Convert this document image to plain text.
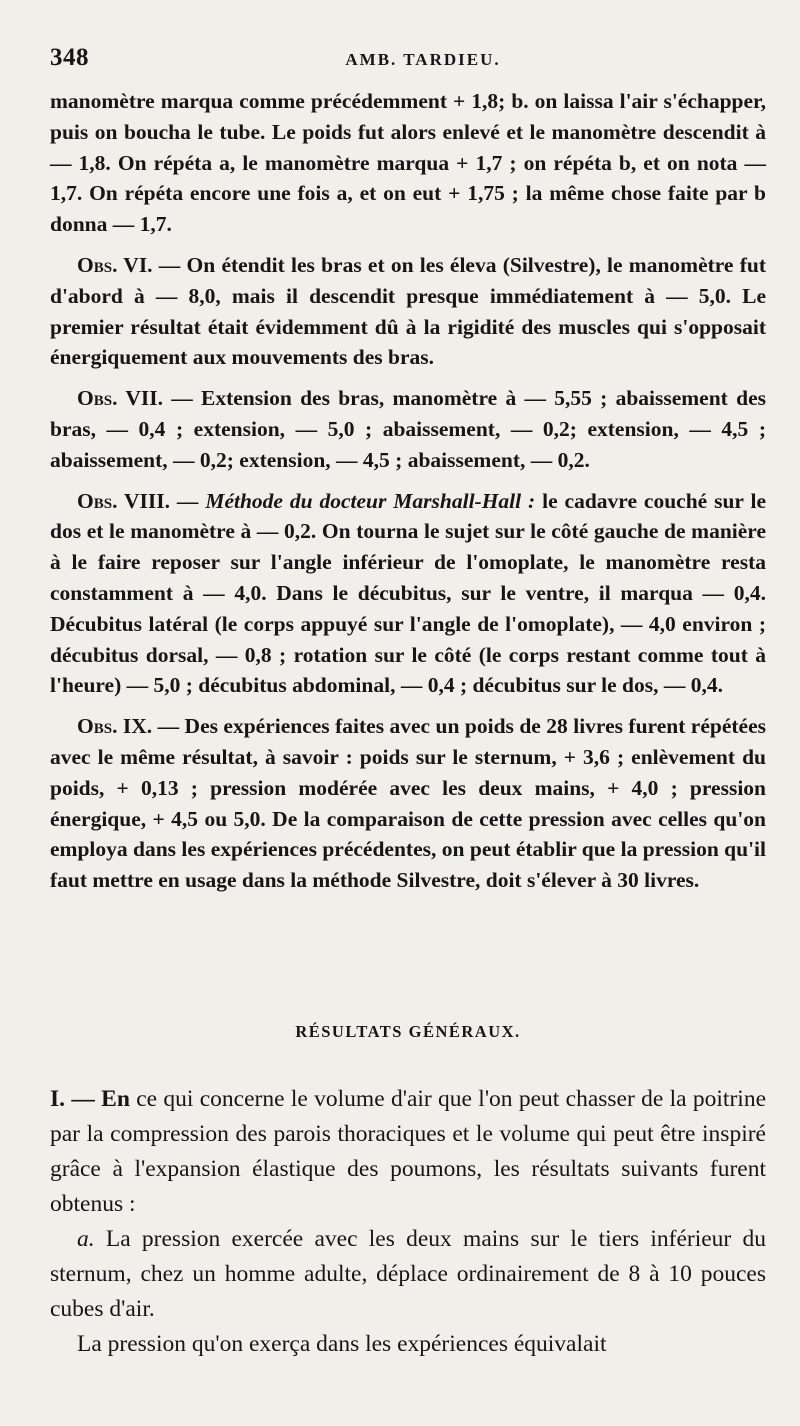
348	AMB. TARDIEU.

manomètre marqua comme précédemment + 1,8; b. on laissa l'air s'échapper, puis on boucha le tube. Le poids fut alors enlevé et le manomètre descendit à — 1,8. On répéta a, le manomètre marqua + 1,7 ; on répéta b, et on nota — 1,7. On répéta encore une fois a, et on eut + 1,75 ; la même chose faite par b donna — 1,7.

Obs. VI. — On étendit les bras et on les éleva (Silvestre), le manomètre fut d'abord à — 8,0, mais il descendit presque immédiatement à — 5,0. Le premier résultat était évidemment dû à la rigidité des muscles qui s'opposait énergiquement aux mouvements des bras.

Obs. VII. — Extension des bras, manomètre à — 5,55 ; abaissement des bras, — 0,4 ; extension, — 5,0 ; abaissement, — 0,2; extension, — 4,5 ; abaissement, — 0,2; extension, — 4,5 ; abaissement, — 0,2.

Obs. VIII. — Méthode du docteur Marshall-Hall : le cadavre couché sur le dos et le manomètre à — 0,2. On tourna le sujet sur le côté gauche de manière à le faire reposer sur l'angle inférieur de l'omoplate, le manomètre resta constamment à — 4,0. Dans le décubitus, sur le ventre, il marqua — 0,4. Décubitus latéral (le corps appuyé sur l'angle de l'omoplate), — 4,0 environ ; décubitus dorsal, — 0,8 ; rotation sur le côté (le corps restant comme tout à l'heure) — 5,0 ; décubitus abdominal, — 0,4 ; décubitus sur le dos, — 0,4.

Obs. IX. — Des expériences faites avec un poids de 28 livres furent répétées avec le même résultat, à savoir : poids sur le sternum, + 3,6 ; enlèvement du poids, + 0,13 ; pression modérée avec les deux mains, + 4,0 ; pression énergique, + 4,5 ou 5,0. De la comparaison de cette pression avec celles qu'on employa dans les expériences précédentes, on peut établir que la pression qu'il faut mettre en usage dans la méthode Silvestre, doit s'élever à 30 livres.

RÉSULTATS GÉNÉRAUX.

I. — En ce qui concerne le volume d'air que l'on peut chasser de la poitrine par la compression des parois thoraciques et le volume qui peut être inspiré grâce à l'expansion élastique des poumons, les résultats suivants furent obtenus :

a. La pression exercée avec les deux mains sur le tiers inférieur du sternum, chez un homme adulte, déplace ordinairement de 8 à 10 pouces cubes d'air.

La pression qu'on exerça dans les expériences équivalait
